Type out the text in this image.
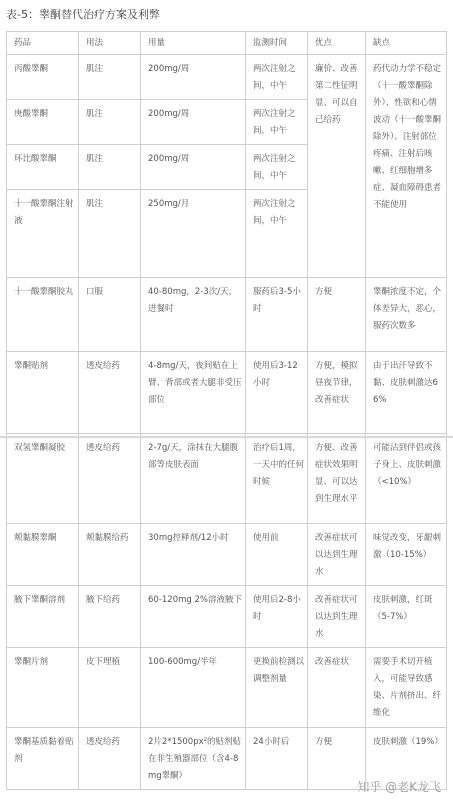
表-5：睾酮替代治疗方案及利弊
药品	用法	用量	监测时间	优点	缺点
丙酸睾酮	肌注	200mg/周	两次注射之间，中午	廉价、改善第二性征明显、可以自己给药	药代动力学不稳定（十一酸睾酮除外）、性欲和心情波动（十一酸睾酮除外）、注射部位疼痛、注射后咳嗽、红细胞增多症、凝血障碍患者不能使用
庚酸睾酮	肌注	200mg/周	两次注射之间，中午		
环比酸睾酮	肌注	200mg/周	两次注射之间，中午		
十一酸睾酮注射液	肌注	250mg/月	两次注射之间，中午		
十一酸睾酮胶丸	口服	40-80mg，2-3次/天，进餐时	服药后3-5小时	方便	睾酮浓度不定，个体差异大，恶心，服药次数多
睾酮贴剂	透皮给药	4-8mg/天，夜间贴在上臂、背部或者大腿非受压部位	使用后3-12小时	方便，模拟昼夜节律，改善症状	由于出汗导致不黏、皮肤刺激达66%
双氢睾酮凝胶	透皮给药	2-7g/天，涂抹在大腿腹部等皮肤表面	治疗后1周，一天中的任何时候	方便、改善症状效果明显、可以达到生理水平	可能沾到伴侣或孩子身上、皮肤刺激（<10%）
颊黏膜睾酮	颊黏膜给药	30mg控释剂/12小时	使用前	改善症状可以达到生理水	味觉改变，牙龈刺激（10-15%）
腋下睾酮溶剂	腋下给药	60-120mg 2%溶液腋下	使用后2-8小时	改善症状可以达到生理水	皮肤刺激，红斑（5-7%）
睾酮片剂	皮下埋植	100-600mg/半年	更换前检测以调整剂量	改善症状	需要手术切开植入，可能导致感染、片剂挤出、纤维化
睾酮基质黏着贴剂	透皮给药	2片2*1500px²的贴剂贴在非生殖器部位（含4-8mg睾酮）	24小时后	方便	皮肤刺激（19%）
知乎 @老K龙飞
